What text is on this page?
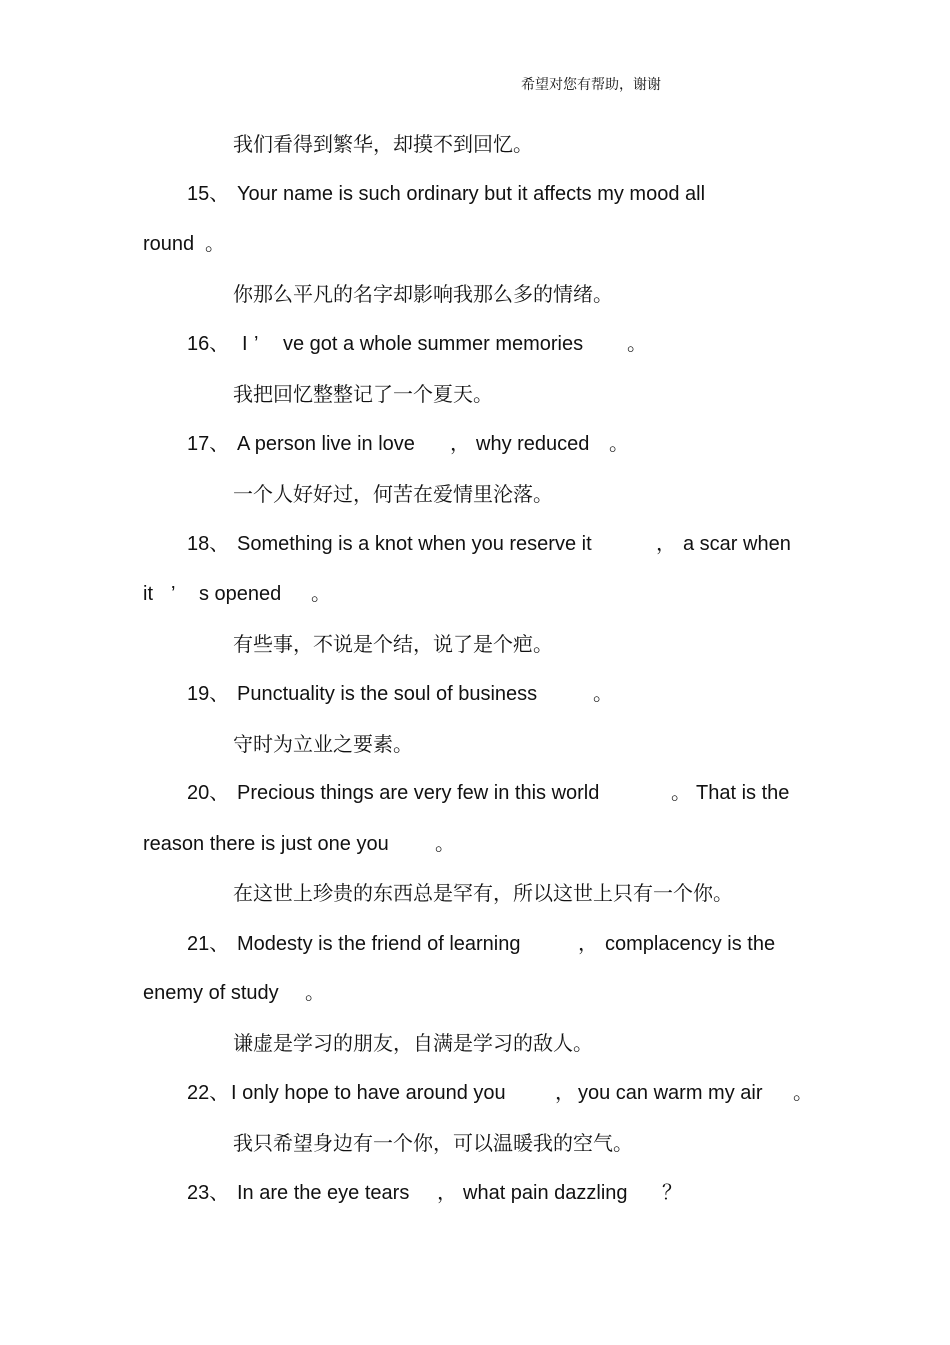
希望对您有帮助，谢谢
我们看得到繁华，却摸不到回忆。
15、 Your name is such ordinary but it affects my mood all
round 。
你那么平凡的名字却影响我那么多的情绪。
16、 I ’ ve got a whole summer memories 。
我把回忆整整记了一个夏天。
17、 A person live in love ， why reduced 。
一个人好好过，何苦在爱情里沦落。
18、 Something is a knot when you reserve it	， a scar when
it ’ s opened 。
有些事，不说是个结，说了是个疤。
19、 Punctuality is the soul of business	。
守时为立业之要素。
20、 Precious things are very few in this world	。 That is the
reason there is just one you 。
在这世上珍贵的东西总是罕有，所以这世上只有一个你。
21、 Modesty is the friend of learning	， complacency is the
enemy of study 。
谦虚是学习的朋友，自满是学习的敌人。
22、 I only hope to have around you ， you can warm my air 。
我只希望身边有一个你，可以温暖我的空气。
23、 In are the eye tears ， what pain dazzling ？
